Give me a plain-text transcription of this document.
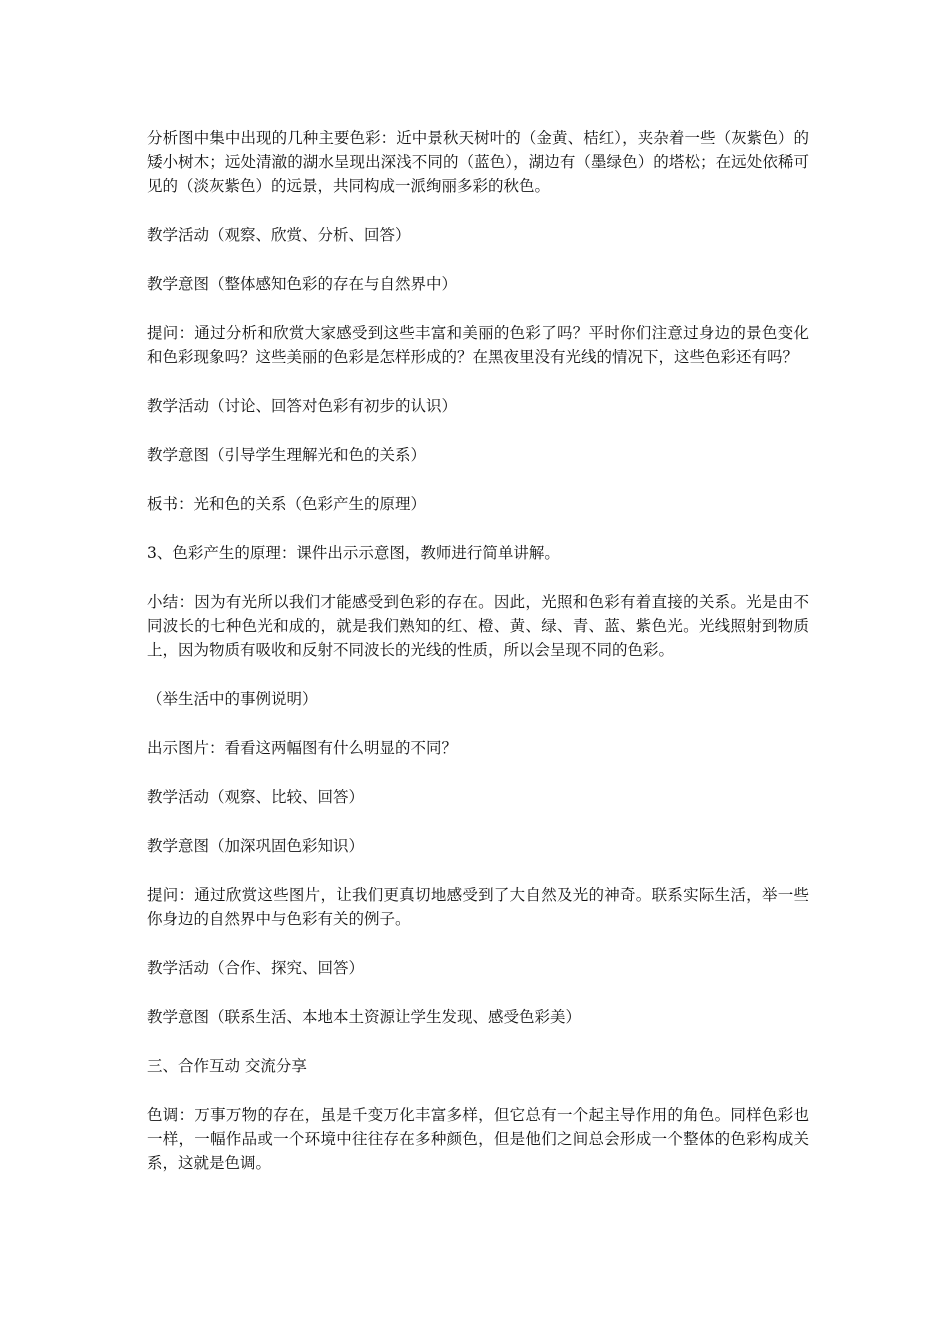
分析图中集中出现的几种主要色彩：近中景秋天树叶的（金黄、桔红），夹杂着一些（灰紫色）的矮小树木；远处清澈的湖水呈现出深浅不同的（蓝色），湖边有（墨绿色）的塔松；在远处依稀可见的（淡灰紫色）的远景，共同构成一派绚丽多彩的秋色。

教学活动（观察、欣赏、分析、回答）

教学意图（整体感知色彩的存在与自然界中）

提问：通过分析和欣赏大家感受到这些丰富和美丽的色彩了吗？平时你们注意过身边的景色变化和色彩现象吗？这些美丽的色彩是怎样形成的？在黑夜里没有光线的情况下，这些色彩还有吗？

教学活动（讨论、回答对色彩有初步的认识）

教学意图（引导学生理解光和色的关系）

板书：光和色的关系（色彩产生的原理）

3、色彩产生的原理：课件出示示意图，教师进行简单讲解。

小结：因为有光所以我们才能感受到色彩的存在。因此，光照和色彩有着直接的关系。光是由不同波长的七种色光和成的，就是我们熟知的红、橙、黄、绿、青、蓝、紫色光。光线照射到物质上，因为物质有吸收和反射不同波长的光线的性质，所以会呈现不同的色彩。

（举生活中的事例说明）

出示图片：看看这两幅图有什么明显的不同？

教学活动（观察、比较、回答）

教学意图（加深巩固色彩知识）

提问：通过欣赏这些图片，让我们更真切地感受到了大自然及光的神奇。联系实际生活，举一些你身边的自然界中与色彩有关的例子。

教学活动（合作、探究、回答）

教学意图（联系生活、本地本土资源让学生发现、感受色彩美）

三、合作互动 交流分享

色调：万事万物的存在，虽是千变万化丰富多样，但它总有一个起主导作用的角色。同样色彩也一样，一幅作品或一个环境中往往存在多种颜色，但是他们之间总会形成一个整体的色彩构成关系，这就是色调。
